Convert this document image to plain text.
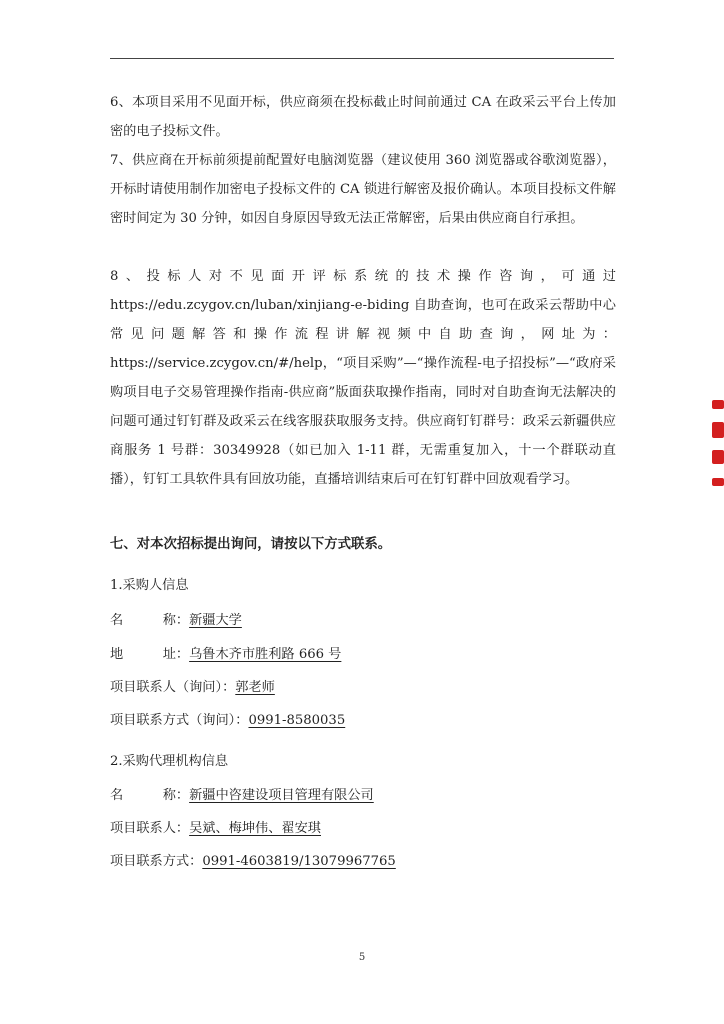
6、本项目采用不见面开标，供应商须在投标截止时间前通过 CA 在政采云平台上传加密的电子投标文件。

7、供应商在开标前须提前配置好电脑浏览器（建议使用 360 浏览器或谷歌浏览器），开标时请使用制作加密电子投标文件的 CA 锁进行解密及报价确认。本项目投标文件解密时间定为 30 分钟，如因自身原因导致无法正常解密，后果由供应商自行承担。

8、投标人对不见面开评标系统的技术操作咨询，可通过 https://edu.zcygov.cn/luban/xinjiang-e-biding 自助查询，也可在政采云帮助中心常见问题解答和操作流程讲解视频中自助查询，网址为：https://service.zcygov.cn/#/help，“项目采购”—“操作流程-电子招投标”—“政府采购项目电子交易管理操作指南-供应商”版面获取操作指南，同时对自助查询无法解决的问题可通过钉钉群及政采云在线客服获取服务支持。供应商钉钉群号：政采云新疆供应商服务 1 号群：30349928（如已加入 1-11 群，无需重复加入，十一个群联动直播），钉钉工具软件具有回放功能，直播培训结束后可在钉钉群中回放观看学习。

七、对本次招标提出询问，请按以下方式联系。
1.采购人信息
名　　　称：新疆大学
地　　　址：乌鲁木齐市胜利路 666 号
项目联系人（询问）：郭老师
项目联系方式（询问）：0991-8580035
2.采购代理机构信息
名　　　称：新疆中咨建设项目管理有限公司
项目联系人：吴斌、梅坤伟、翟安琪
项目联系方式：0991-4603819/13079967765
5
